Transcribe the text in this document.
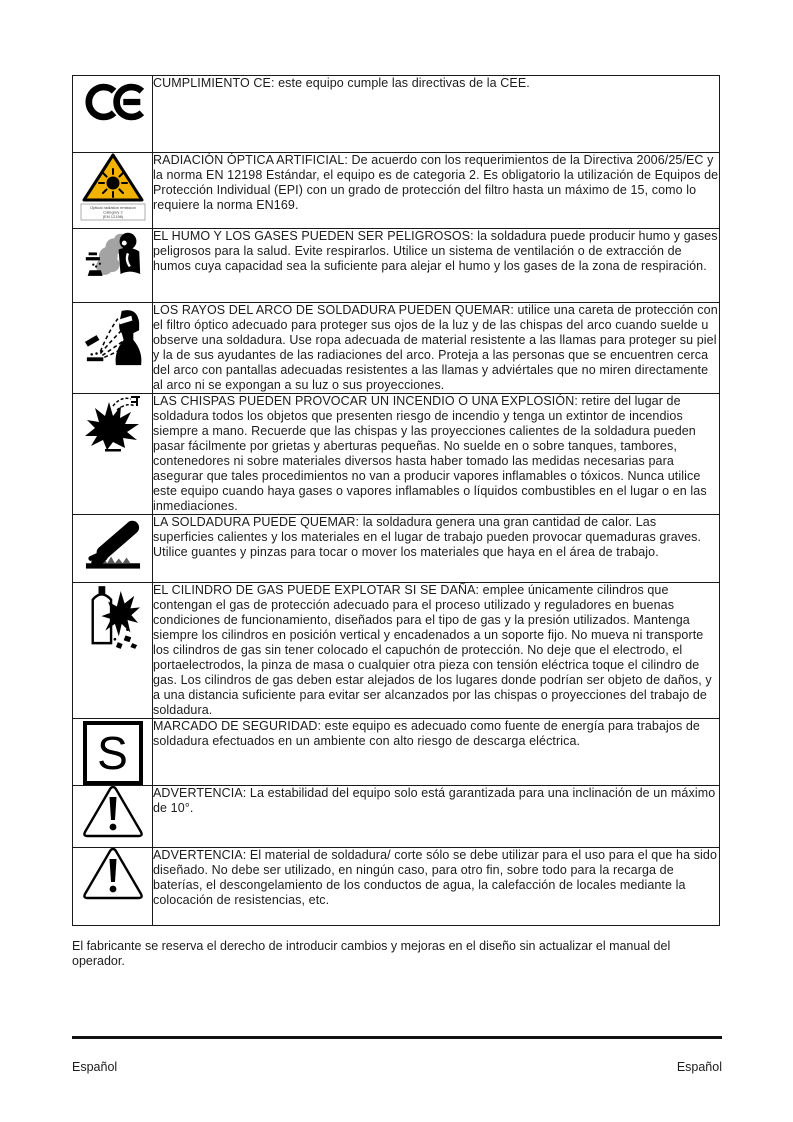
	CUMPLIMIENTO CE: este equipo cumple las directivas de la CEE.

Optical radiation emission
Category 2
(EN 12198)
	RADIACIÓN ÓPTICA ARTIFICIAL: De acuerdo con los requerimientos de la Directiva 2006/25/EC y la norma EN 12198 Estándar, el equipo es de categoria 2. Es obligatorio la utilización de Equipos de Protección Individual (EPI) con un grado de protección del filtro hasta un máximo de 15, como lo requiere la norma EN169.
	EL HUMO Y LOS GASES PUEDEN SER PELIGROSOS: la soldadura puede producir humo y gases peligrosos para la salud. Evite respirarlos. Utilice un sistema de ventilación o de extracción de humos cuya capacidad sea la suficiente para alejar el humo y los gases de la zona de respiración.
	LOS RAYOS DEL ARCO DE SOLDADURA PUEDEN QUEMAR: utilice una careta de protección con el filtro óptico adecuado para proteger sus ojos de la luz y de las chispas del arco cuando suelde u observe una soldadura. Use ropa adecuada de material resistente a las llamas para proteger su piel y la de sus ayudantes de las radiaciones del arco. Proteja a las personas que se encuentren cerca del arco con pantallas adecuadas resistentes a las llamas y adviértales que no miren directamente al arco ni se expongan a su luz o sus proyecciones.
	LAS CHISPAS PUEDEN PROVOCAR UN INCENDIO O UNA EXPLOSIÓN: retire del lugar de soldadura todos los objetos que presenten riesgo de incendio y tenga un extintor de incendios siempre a mano. Recuerde que las chispas y las proyecciones calientes de la soldadura pueden pasar fácilmente por grietas y aberturas pequeñas. No suelde en o sobre tanques, tambores, contenedores ni sobre materiales diversos hasta haber tomado las medidas necesarias para asegurar que tales procedimientos no van a producir vapores inflamables o tóxicos. Nunca utilice este equipo cuando haya gases o vapores inflamables o líquidos combustibles en el lugar o en las inmediaciones.
	LA SOLDADURA PUEDE QUEMAR: la soldadura genera una gran cantidad de calor. Las superficies calientes y los materiales en el lugar de trabajo pueden provocar quemaduras graves. Utilice guantes y pinzas para tocar o mover los materiales que haya en el área de trabajo.
	EL CILINDRO DE GAS PUEDE EXPLOTAR SI SE DAÑA: emplee únicamente cilindros que contengan el gas de protección adecuado para el proceso utilizado y reguladores en buenas condiciones de funcionamiento, diseñados para el tipo de gas y la presión utilizados. Mantenga siempre los cilindros en posición vertical y encadenados a un soporte fijo. No mueva ni transporte los cilindros de gas sin tener colocado el capuchón de protección. No deje que el electrodo, el portaelectrodos, la pinza de masa o cualquier otra pieza con tensión eléctrica toque el cilindro de gas. Los cilindros de gas deben estar alejados de los lugares donde podrían ser objeto de daños, y a una distancia suficiente para evitar ser alcanzados por las chispas o proyecciones del trabajo de soldadura.

S	MARCADO DE SEGURIDAD: este equipo es adecuado como fuente de energía para trabajos de soldadura efectuados en un ambiente con alto riesgo de descarga eléctrica.
	ADVERTENCIA: La estabilidad del equipo solo está garantizada para una inclinación de un máximo de 10°.
	ADVERTENCIA: El material de soldadura/ corte sólo se debe utilizar para el uso para el que ha sido diseñado. No debe ser utilizado, en ningún caso, para otro fin, sobre todo para la recarga de baterías, el descongelamiento de los conductos de agua, la calefacción de locales mediante la colocación de resistencias, etc.

El fabricante se reserva el derecho de introducir cambios y mejoras en el diseño sin actualizar el manual del operador.

Español	Español
